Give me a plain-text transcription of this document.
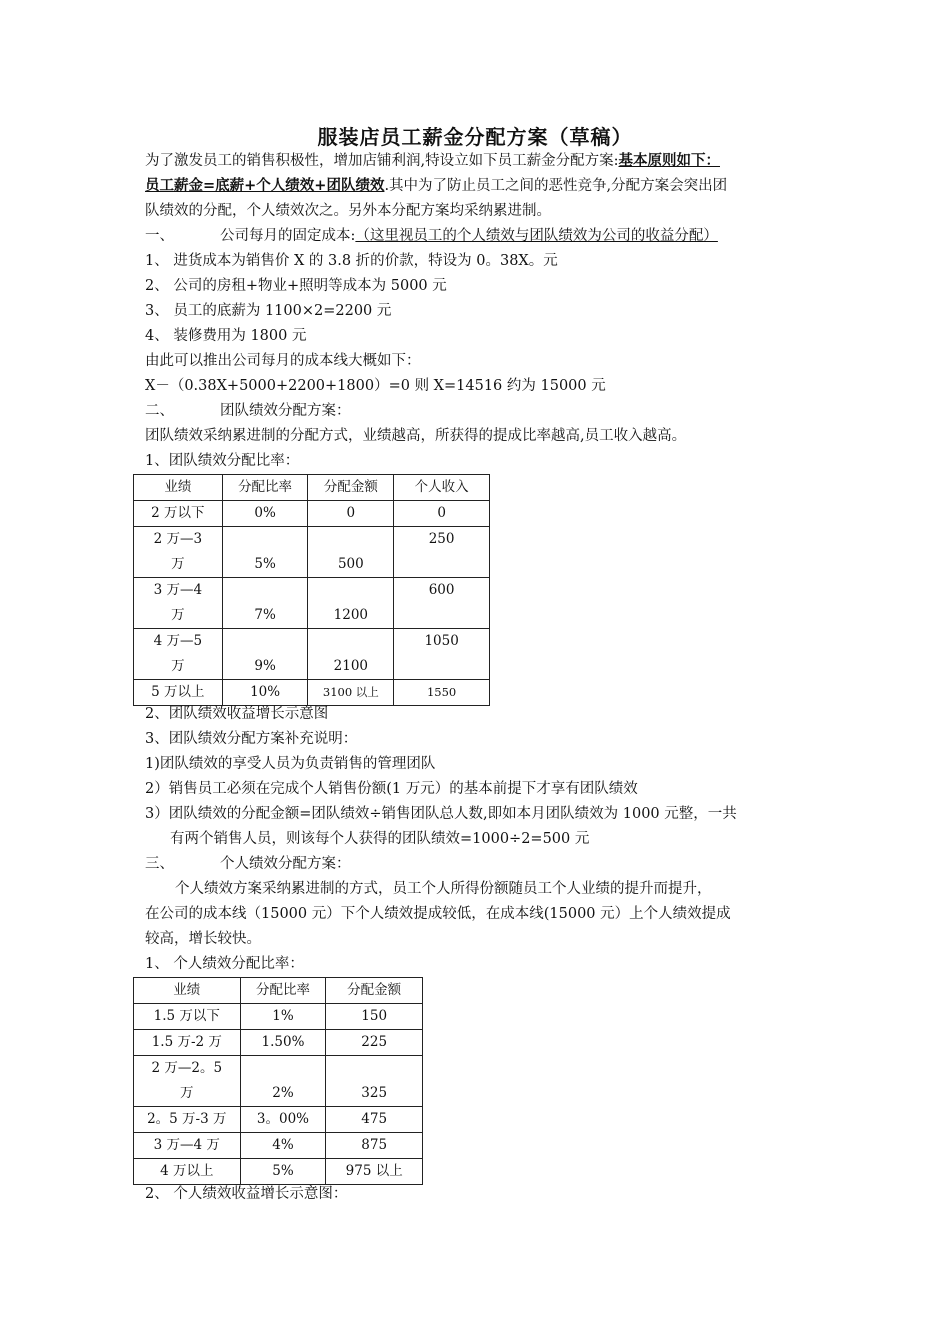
服装店员工薪金分配方案（草稿）
为了激发员工的销售积极性，增加店铺利润,特设立如下员工薪金分配方案:基本原则如下：
员工薪金=底薪+个人绩效+团队绩效.其中为了防止员工之间的恶性竞争,分配方案会突出团
队绩效的分配，个人绩效次之。另外本分配方案均采纳累进制。
一、	公司每月的固定成本:（这里视员工的个人绩效与团队绩效为公司的收益分配）
1、 进货成本为销售价 X 的 3.8 折的价款，特设为 0。38X。元
2、 公司的房租+物业+照明等成本为 5000 元
3、 员工的底薪为 1100×2=2200 元
4、 装修费用为 1800 元
由此可以推出公司每月的成本线大概如下：
X－（0.38X+5000+2200+1800）=0 则 X=14516 约为 15000 元
二、	团队绩效分配方案：
团队绩效采纳累进制的分配方式，业绩越高，所获得的提成比率越高,员工收入越高。
1、团队绩效分配比率：
业绩	分配比率	分配金额	个人收入
2 万以下	0%	0	0

2 万—3
万	5%	500	250

3 万—4
万	7%	1200	600

4 万—5
万	9%	2100	1050
5 万以上	10%	3100 以上	1550
2、团队绩效收益增长示意图
3、团队绩效分配方案补充说明：
1)团队绩效的享受人员为负责销售的管理团队
2）销售员工必须在完成个人销售份额(1 万元）的基本前提下才享有团队绩效
3）团队绩效的分配金额=团队绩效÷销售团队总人数,即如本月团队绩效为 1000 元整，一共
有两个销售人员，则该每个人获得的团队绩效=1000÷2=500 元
三、	个人绩效分配方案：
个人绩效方案采纳累进制的方式，员工个人所得份额随员工个人业绩的提升而提升，
在公司的成本线（15000 元）下个人绩效提成较低，在成本线(15000 元）上个人绩效提成
较高，增长较快。
1、 个人绩效分配比率：
业绩	分配比率	分配金额
1.5 万以下	1%	150
1.5 万-2 万	1.50%	225

2 万—2。5
万	2%	325
2。5 万-3 万	3。00%	475
3 万—4 万	4%	875
4 万以上	5%	975 以上
2、 个人绩效收益增长示意图：
